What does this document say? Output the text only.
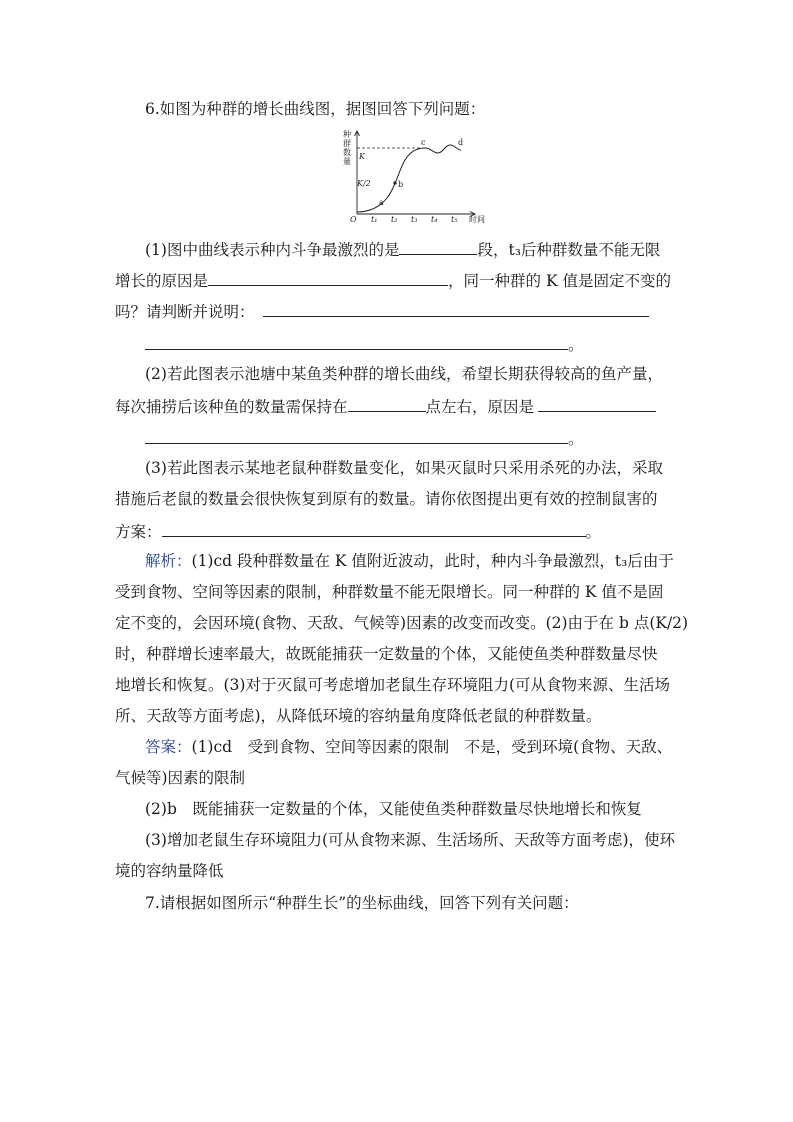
6.如图为种群的增长曲线图，据图回答下列问题：
种
群
数
量
K
K/2
a
b
c	d
O t₁ t₂ t₃ t₄ t₅ 时间
(1)图中曲线表示种内斗争最激烈的是	段，t₃后种群数量不能无限
增长的原因是	，同一种群的 K 值是固定不变的
吗？请判断并说明：
。
(2)若此图表示池塘中某鱼类种群的增长曲线，希望长期获得较高的鱼产量，
每次捕捞后该种鱼的数量需保持在	点左右，原因是
。
(3)若此图表示某地老鼠种群数量变化，如果灭鼠时只采用杀死的办法，采取
措施后老鼠的数量会很快恢复到原有的数量。请你依图提出更有效的控制鼠害的
方案：	。
解析：(1)cd 段种群数量在 K 值附近波动，此时，种内斗争最激烈，t₃后由于
受到食物、空间等因素的限制，种群数量不能无限增长。同一种群的 K 值不是固
定不变的，会因环境(食物、天敌、气候等)因素的改变而改变。(2)由于在 b 点(K/2)
时，种群增长速率最大，故既能捕获一定数量的个体，又能使鱼类种群数量尽快
地增长和恢复。(3)对于灭鼠可考虑增加老鼠生存环境阻力(可从食物来源、生活场
所、天敌等方面考虑)，从降低环境的容纳量角度降低老鼠的种群数量。
答案：(1)cd　受到食物、空间等因素的限制　不是，受到环境(食物、天敌、
气候等)因素的限制
(2)b　既能捕获一定数量的个体，又能使鱼类种群数量尽快地增长和恢复
(3)增加老鼠生存环境阻力(可从食物来源、生活场所、天敌等方面考虑)，使环
境的容纳量降低
7.请根据如图所示“种群生长”的坐标曲线，回答下列有关问题：
